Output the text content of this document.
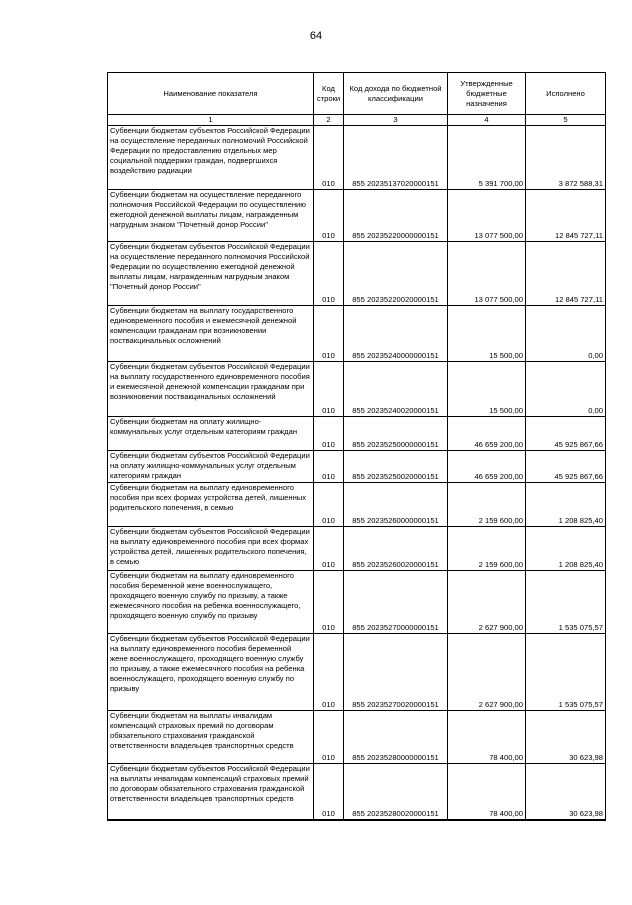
64
Наименование показателя	Код строки	Код дохода по бюджетной классификации	Утвержденные бюджетные назначения	Исполнено
1	2	3	4	5
Субвенции бюджетам субъектов Российской Федерации на осуществление переданных полномочий Российской Федерации по предоставлению отдельных мер социальной поддержки граждан, подвергшихся воздействию радиации	010	855 20235137020000151	5 391 700,00	3 872 588,31
Субвенции бюджетам на осуществление переданного полномочия Российской Федерации по осуществлению ежегодной денежной выплаты лицам, награжденным нагрудным знаком "Почетный донор России"	010	855 20235220000000151	13 077 500,00	12 845 727,11
Субвенции бюджетам субъектов Российской Федерации на осуществление переданного полномочия Российской Федерации по осуществлению ежегодной денежной выплаты лицам, награжденным нагрудным знаком "Почетный донор России"	010	855 20235220020000151	13 077 500,00	12 845 727,11
Субвенции бюджетам на выплату государственного единовременного пособия и ежемесячной денежной компенсации гражданам при возникновении поствакцинальных осложнений	010	855 20235240000000151	15 500,00	0,00
Субвенции бюджетам субъектов Российской Федерации на выплату государственного единовременного пособия и ежемесячной денежной компенсации гражданам при возникновении поствакцинальных осложнений	010	855 20235240020000151	15 500,00	0,00
Субвенции бюджетам на оплату жилищно-коммунальных услуг отдельным категориям граждан	010	855 20235250000000151	46 659 200,00	45 925 867,66
Субвенции бюджетам субъектов Российской Федерации на оплату жилищно-коммунальных услуг отдельным категориям граждан	010	855 20235250020000151	46 659 200,00	45 925 867,66
Субвенции бюджетам на выплату единовременного пособия при всех формах устройства детей, лишенных родительского попечения, в семью	010	855 20235260000000151	2 159 600,00	1 208 825,40
Субвенции бюджетам субъектов Российской Федерации на выплату единовременного пособия при всех формах устройства детей, лишенных родительского попечения, в семью	010	855 20235260020000151	2 159 600,00	1 208 825,40
Субвенции бюджетам на выплату единовременного пособия беременной жене военнослужащего, проходящего военную службу по призыву, а также ежемесячного пособия на ребенка военнослужащего, проходящего военную службу по призыву	010	855 20235270000000151	2 627 900,00	1 535 075,57
Субвенции бюджетам субъектов Российской Федерации на выплату единовременного пособия беременной жене военнослужащего, проходящего военную службу по призыву, а также ежемесячного пособия на ребенка военнослужащего, проходящего военную службу по призыву	010	855 20235270020000151	2 627 900,00	1 535 075,57
Субвенции бюджетам на выплаты инвалидам компенсаций страховых премий по договорам обязательного страхования гражданской ответственности владельцев транспортных средств	010	855 20235280000000151	78 400,00	30 623,98
Субвенции бюджетам субъектов Российской Федерации на выплаты инвалидам компенсаций страховых премий по договорам обязательного страхования гражданской ответственности владельцев транспортных средств	010	855 20235280020000151	78 400,00	30 623,98
